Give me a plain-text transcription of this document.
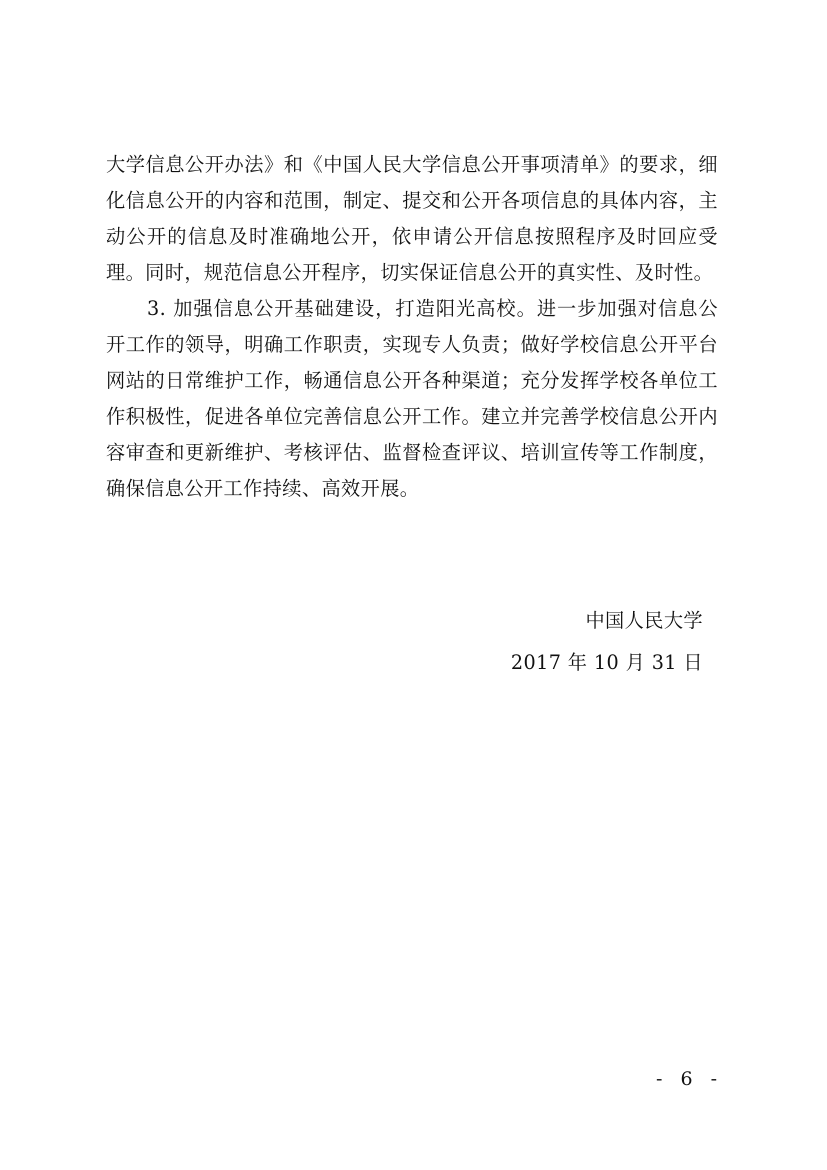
大学信息公开办法》和《中国人民大学信息公开事项清单》的要求，细化信息公开的内容和范围，制定、提交和公开各项信息的具体内容，主动公开的信息及时准确地公开，依申请公开信息按照程序及时回应受理。同时，规范信息公开程序，切实保证信息公开的真实性、及时性。

3. 加强信息公开基础建设，打造阳光高校。进一步加强对信息公开工作的领导，明确工作职责，实现专人负责；做好学校信息公开平台网站的日常维护工作，畅通信息公开各种渠道；充分发挥学校各单位工作积极性，促进各单位完善信息公开工作。建立并完善学校信息公开内容审查和更新维护、考核评估、监督检查评议、培训宣传等工作制度，确保信息公开工作持续、高效开展。

中国人民大学
2017 年 10 月 31 日
- 6 -
